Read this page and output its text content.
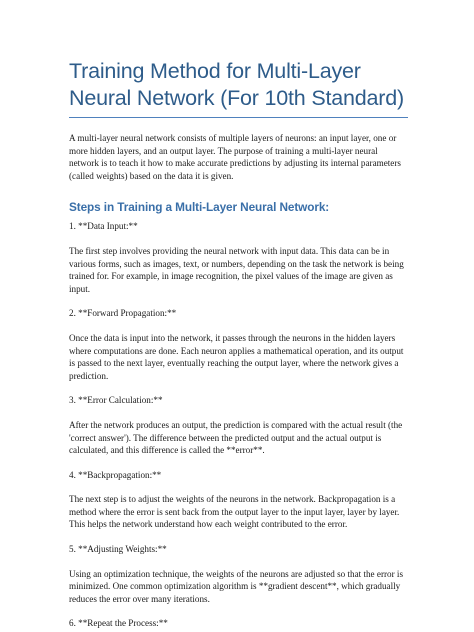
Training Method for Multi-Layer Neural Network (For 10th Standard)

A multi-layer neural network consists of multiple layers of neurons: an input layer, one or more hidden layers, and an output layer. The purpose of training a multi-layer neural network is to teach it how to make accurate predictions by adjusting its internal parameters (called weights) based on the data it is given.

Steps in Training a Multi-Layer Neural Network:

1. **Data Input:**

The first step involves providing the neural network with input data. This data can be in various forms, such as images, text, or numbers, depending on the task the network is being trained for. For example, in image recognition, the pixel values of the image are given as input.

2. **Forward Propagation:**

Once the data is input into the network, it passes through the neurons in the hidden layers where computations are done. Each neuron applies a mathematical operation, and its output is passed to the next layer, eventually reaching the output layer, where the network gives a prediction.

3. **Error Calculation:**

After the network produces an output, the prediction is compared with the actual result (the 'correct answer'). The difference between the predicted output and the actual output is calculated, and this difference is called the **error**.

4. **Backpropagation:**

The next step is to adjust the weights of the neurons in the network. Backpropagation is a method where the error is sent back from the output layer to the input layer, layer by layer. This helps the network understand how each weight contributed to the error.

5. **Adjusting Weights:**

Using an optimization technique, the weights of the neurons are adjusted so that the error is minimized. One common optimization algorithm is **gradient descent**, which gradually reduces the error over many iterations.

6. **Repeat the Process:**
